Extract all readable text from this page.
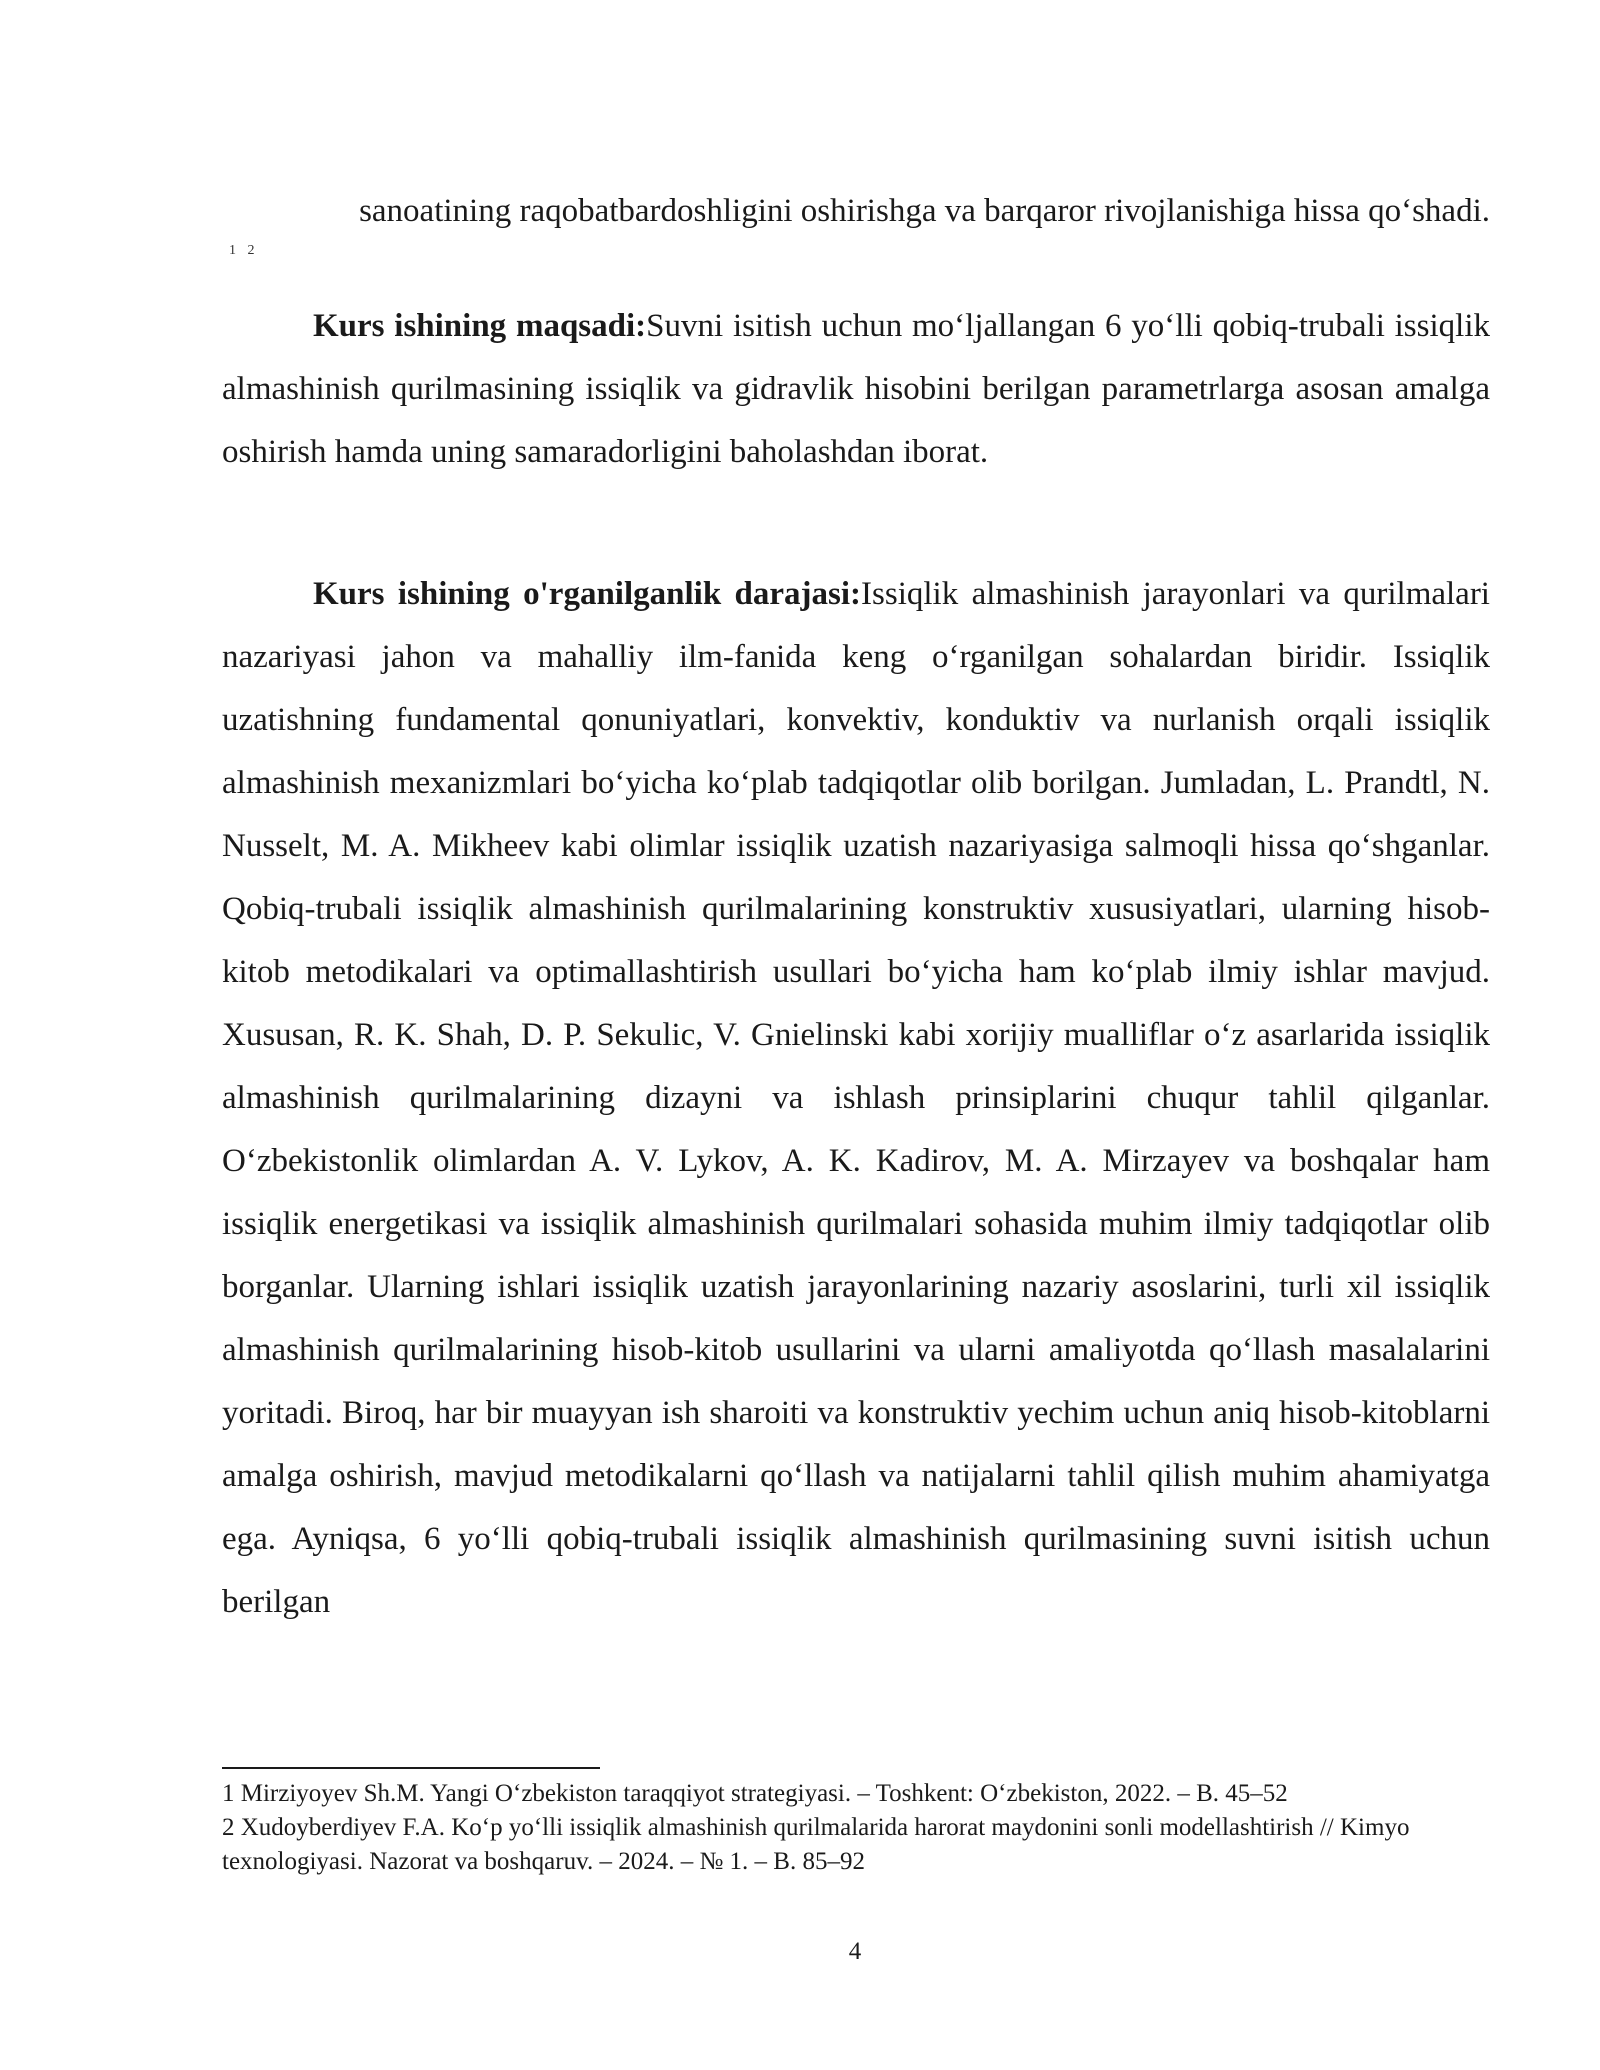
sanoatining raqobatbardoshligini oshirishga va barqaror rivojlanishiga hissa qo‘shadi.

1 2

Kurs ishining maqsadi:Suvni isitish uchun mo‘ljallangan 6 yo‘lli qobiq-trubali issiqlik almashinish qurilmasining issiqlik va gidravlik hisobini berilgan parametrlarga asosan amalga oshirish hamda uning samaradorligini baholashdan iborat.

Kurs ishining o'rganilganlik darajasi:Issiqlik almashinish jarayonlari va qurilmalari nazariyasi jahon va mahalliy ilm-fanida keng o‘rganilgan sohalardan biridir. Issiqlik uzatishning fundamental qonuniyatlari, konvektiv, konduktiv va nurlanish orqali issiqlik almashinish mexanizmlari bo‘yicha ko‘plab tadqiqotlar olib borilgan. Jumladan, L. Prandtl, N. Nusselt, M. A. Mikheev kabi olimlar issiqlik uzatish nazariyasiga salmoqli hissa qo‘shganlar. Qobiq-trubali issiqlik almashinish qurilmalarining konstruktiv xususiyatlari, ularning hisob-kitob metodikalari va optimallashtirish usullari bo‘yicha ham ko‘plab ilmiy ishlar mavjud. Xususan, R. K. Shah, D. P. Sekulic, V. Gnielinski kabi xorijiy mualliflar o‘z asarlarida issiqlik almashinish qurilmalarining dizayni va ishlash prinsiplarini chuqur tahlil qilganlar. O‘zbekistonlik olimlardan A. V. Lykov, A. K. Kadirov, M. A. Mirzayev va boshqalar ham issiqlik energetikasi va issiqlik almashinish qurilmalari sohasida muhim ilmiy tadqiqotlar olib borganlar. Ularning ishlari issiqlik uzatish jarayonlarining nazariy asoslarini, turli xil issiqlik almashinish qurilmalarining hisob-kitob usullarini va ularni amaliyotda qo‘llash masalalarini yoritadi. Biroq, har bir muayyan ish sharoiti va konstruktiv yechim uchun aniq hisob-kitoblarni amalga oshirish, mavjud metodikalarni qo‘llash va natijalarni tahlil qilish muhim ahamiyatga ega. Ayniqsa, 6 yo‘lli qobiq-trubali issiqlik almashinish qurilmasining suvni isitish uchun berilgan

1 Mirziyoyev Sh.M. Yangi O‘zbekiston taraqqiyot strategiyasi. – Toshkent: O‘zbekiston, 2022. – B. 45–52

2 Xudoyberdiyev F.A. Ko‘p yo‘lli issiqlik almashinish qurilmalarida harorat maydonini sonli modellashtirish // Kimyo texnologiyasi. Nazorat va boshqaruv. – 2024. – № 1. – B. 85–92

4
